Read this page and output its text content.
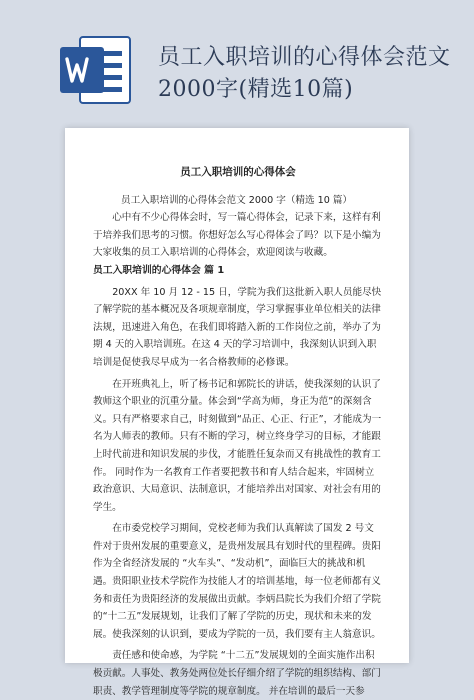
员工入职培训的心得体会范文
2000字(精选10篇)
员工入职培训的心得体会

员工入职培训的心得体会范文 2000 字（精选 10 篇）

心中有不少心得体会时，写一篇心得体会，记录下来，这样有利于培养我们思考的习惯。你想好怎么写心得体会了吗？以下是小编为大家收集的员工入职培训的心得体会，欢迎阅读与收藏。

员工入职培训的心得体会 篇 1

20XX 年 10 月 12 - 15 日，学院为我们这批新入职人员能尽快了解学院的基本概况及各项规章制度，学习掌握事业单位相关的法律法规，迅速进入角色，在我们即将踏入新的工作岗位之前，举办了为期 4 天的入职培训班。在这 4 天的学习培训中，我深刻认识到入职培训是促使我尽早成为一名合格教师的必修课。

在开班典礼上，听了杨书记和郭院长的讲话，使我深刻的认识了教师这个职业的沉重分量。体会到“学高为师，身正为范”的深刻含义。只有严格要求自己，时刻做到“品正、心正、行正”，才能成为一名为人师表的教师。只有不断的学习，树立终身学习的目标，才能跟上时代前进和知识发展的步伐，才能胜任复杂而又有挑战性的教育工作。 同时作为一名教育工作者要把教书和育人结合起来，牢固树立政治意识、大局意识、法制意识，才能培养出对国家、对社会有用的学生。

在市委党校学习期间，党校老师为我们认真解读了国发 2 号文件对于贵州发展的重要意义，是贵州发展具有划时代的里程碑。贵阳作为全省经济发展的 “火车头”、“发动机”，面临巨大的挑战和机遇。贵阳职业技术学院作为技能人才的培训基地，每一位老师都有义务和责任为贵阳经济的发展做出贡献。李炳昌院长为我们介绍了学院的“十二五”发展规划，让我们了解了学院的历史，现状和未来的发展。使我深刻的认识到，要成为学院的一员，我们要有主人翁意识。

责任感和使命感，为学院 “十二五”发展规划的全面实施作出积极贡献。人事处、教务处两位处长仔细介绍了学院的组织结构、部门职责、教学管理制度等学院的规章制度。 并在培训的最后一天参
